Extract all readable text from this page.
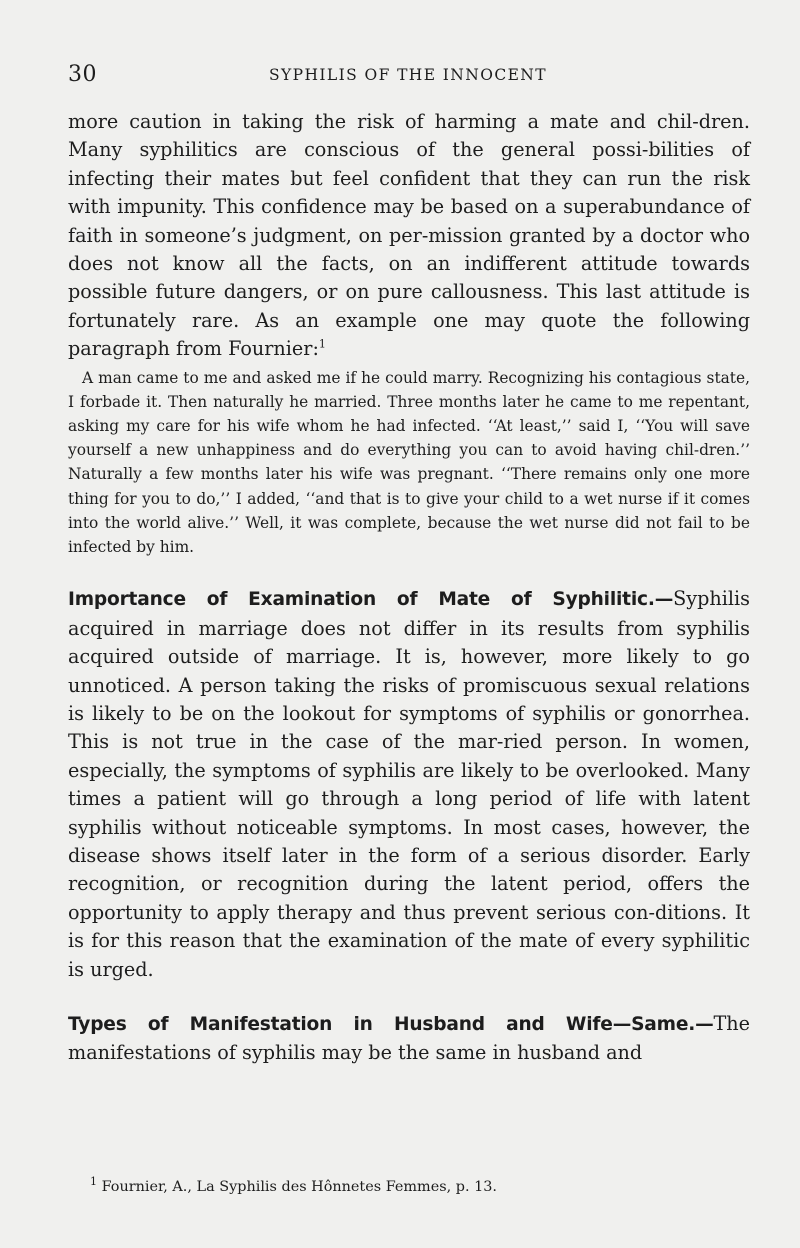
30	SYPHILIS OF THE INNOCENT

more caution in taking the risk of harming a mate and chil-dren. Many syphilitics are conscious of the general possi-bilities of infecting their mates but feel confident that they can run the risk with impunity. This confidence may be based on a superabundance of faith in someone’s judgment, on per-mission granted by a doctor who does not know all the facts, on an indifferent attitude towards possible future dangers, or on pure callousness. This last attitude is fortunately rare. As an example one may quote the following paragraph from Fournier:$^1$

A man came to me and asked me if he could marry. Recognizing his contagious state, I forbade it. Then naturally he married. Three months later he came to me repentant, asking my care for his wife whom he had infected. ‘‘At least,’’ said I, ‘‘You will save yourself a new unhappiness and do everything you can to avoid having chil-dren.’’ Naturally a few months later his wife was pregnant. ‘‘There remains only one more thing for you to do,’’ I added, ‘‘and that is to give your child to a wet nurse if it comes into the world alive.’’ Well, it was complete, because the wet nurse did not fail to be infected by him.

Importance of Examination of Mate of Syphilitic.—Syphilis acquired in marriage does not differ in its results from syphilis acquired outside of marriage. It is, however, more likely to go unnoticed. A person taking the risks of promiscuous sexual relations is likely to be on the lookout for symptoms of syphilis or gonorrhea. This is not true in the case of the mar-ried person. In women, especially, the symptoms of syphilis are likely to be overlooked. Many times a patient will go through a long period of life with latent syphilis without noticeable symptoms. In most cases, however, the disease shows itself later in the form of a serious disorder. Early recognition, or recognition during the latent period, offers the opportunity to apply therapy and thus prevent serious con-ditions. It is for this reason that the examination of the mate of every syphilitic is urged.

Types of Manifestation in Husband and Wife—Same.—The manifestations of syphilis may be the same in husband and

$^1$ Fournier, A., La Syphilis des Hônnetes Femmes, p. 13.
